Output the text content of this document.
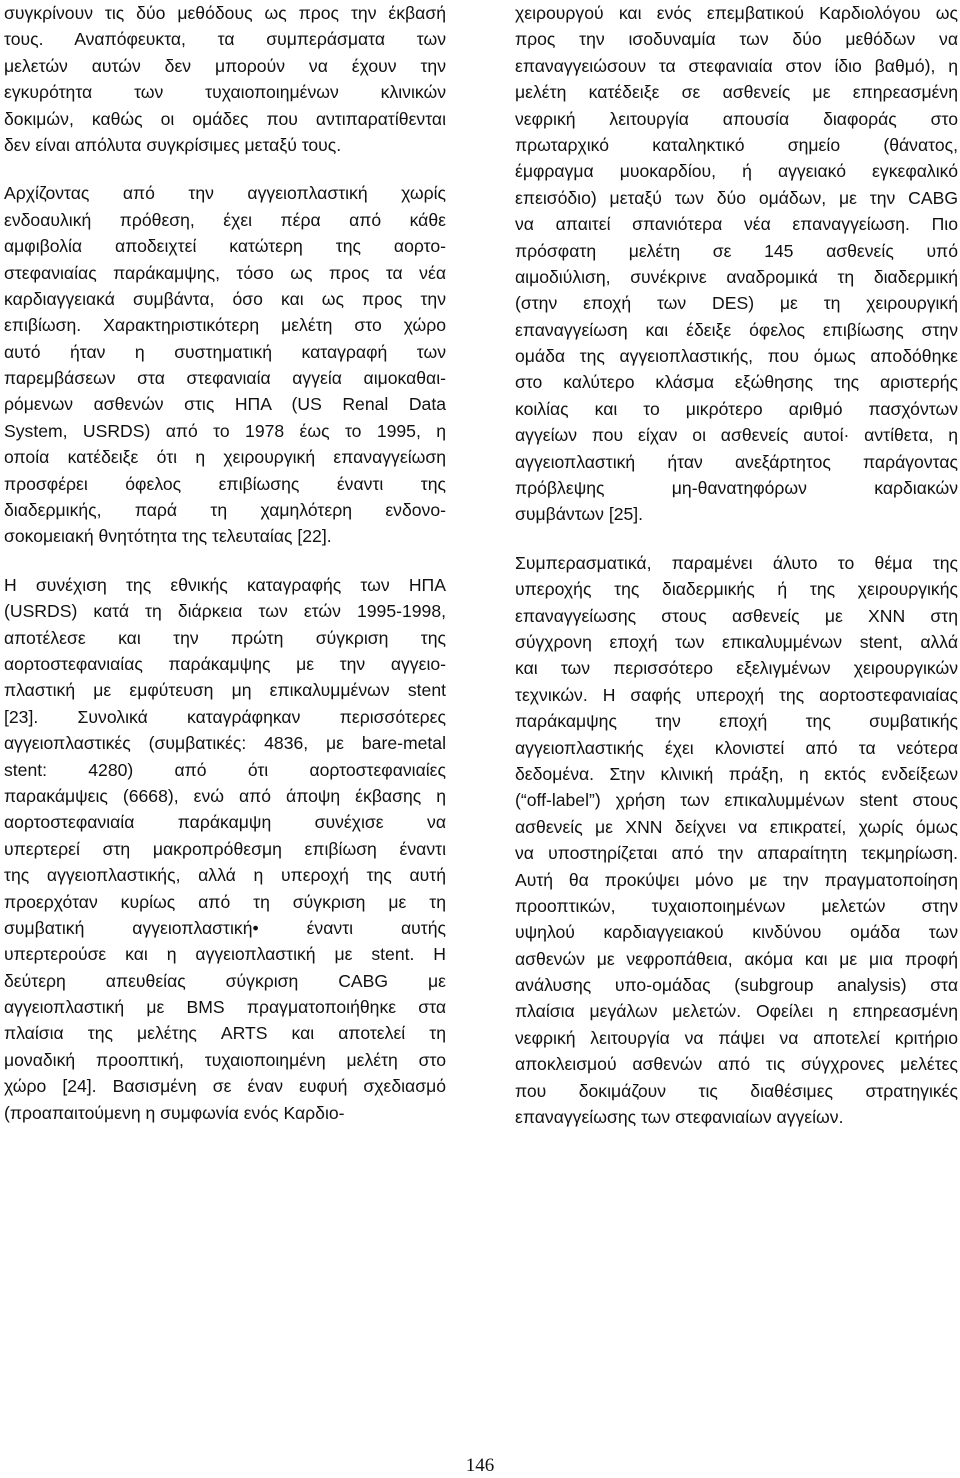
συγκρίνουν τις δύο μεθόδους ως προς την έκβασή
τους. Αναπόφευκτα, τα συμπεράσματα των
μελετών αυτών δεν μπορούν να έχουν την
εγκυρότητα των τυχαιοποιημένων κλινικών
δοκιμών, καθώς οι ομάδες που αντιπαρατίθενται
δεν είναι απόλυτα συγκρίσιμες μεταξύ τους.
Αρχίζοντας από την αγγειοπλαστική χωρίς
ενδοαυλική πρόθεση, έχει πέρα από κάθε
αμφιβολία αποδειχτεί κατώτερη της αορτο-
στεφανιαίας παράκαμψης, τόσο ως προς τα νέα
καρδιαγγειακά συμβάντα, όσο και ως προς την
επιβίωση. Χαρακτηριστικότερη μελέτη στο χώρο
αυτό ήταν η συστηματική καταγραφή των
παρεμβάσεων στα στεφανιαία αγγεία αιμοκαθαι-
ρόμενων ασθενών στις ΗΠΑ (US Renal Data
System, USRDS) από το 1978 έως το 1995, η
οποία κατέδειξε ότι η χειρουργική επαναγγείωση
προσφέρει όφελος επιβίωσης έναντι της
διαδερμικής, παρά τη χαμηλότερη ενδονο-
σοκομειακή θνητότητα της τελευταίας [22].
Η συνέχιση της εθνικής καταγραφής των ΗΠΑ
(USRDS) κατά τη διάρκεια των ετών 1995-1998,
αποτέλεσε και την πρώτη σύγκριση της
αορτοστεφανιαίας παράκαμψης με την αγγειο-
πλαστική με εμφύτευση μη επικαλυμμένων stent
[23]. Συνολικά καταγράφηκαν περισσότερες
αγγειοπλαστικές (συμβατικές: 4836, με bare-metal
stent: 4280) από ότι αορτοστεφανιαίες
παρακάμψεις (6668), ενώ από άποψη έκβασης η
αορτοστεφανιαία παράκαμψη συνέχισε να
υπερτερεί στη μακροπρόθεσμη επιβίωση έναντι
της αγγειοπλαστικής, αλλά η υπεροχή της αυτή
προερχόταν κυρίως από τη σύγκριση με τη
συμβατική αγγειοπλαστική• έναντι αυτής
υπερτερούσε και η αγγειοπλαστική με stent. Η
δεύτερη απευθείας σύγκριση CABG με
αγγειοπλαστική με BMS πραγματοποιήθηκε στα
πλαίσια της μελέτης ARTS και αποτελεί τη
μοναδική προοπτική, τυχαιοποιημένη μελέτη στο
χώρο [24]. Βασισμένη σε έναν ευφυή σχεδιασμό
(προαπαιτούμενη η συμφωνία ενός Καρδιο-
χειρουργού και ενός επεμβατικού Καρδιολόγου ως
προς την ισοδυναμία των δύο μεθόδων να
επαναγγειώσουν τα στεφανιαία στον ίδιο βαθμό), η
μελέτη κατέδειξε σε ασθενείς με επηρεασμένη
νεφρική λειτουργία απουσία διαφοράς στο
πρωταρχικό καταληκτικό σημείο (θάνατος,
έμφραγμα μυοκαρδίου, ή αγγειακό εγκεφαλικό
επεισόδιο) μεταξύ των δύο ομάδων, με την CABG
να απαιτεί σπανιότερα νέα επαναγγείωση. Πιο
πρόσφατη μελέτη σε 145 ασθενείς υπό
αιμοδιύλιση, συνέκρινε αναδρομικά τη διαδερμική
(στην εποχή των DES) με τη χειρουργική
επαναγγείωση και έδειξε όφελος επιβίωσης στην
ομάδα της αγγειοπλαστικής, που όμως αποδόθηκε
στο καλύτερο κλάσμα εξώθησης της αριστερής
κοιλίας και το μικρότερο αριθμό πασχόντων
αγγείων που είχαν οι ασθενείς αυτοί· αντίθετα, η
αγγειοπλαστική ήταν ανεξάρτητος παράγοντας
πρόβλεψης μη-θανατηφόρων καρδιακών
συμβάντων [25].
Συμπερασματικά, παραμένει άλυτο το θέμα της
υπεροχής της διαδερμικής ή της χειρουργικής
επαναγγείωσης στους ασθενείς με ΧΝΝ στη
σύγχρονη εποχή των επικαλυμμένων stent, αλλά
και των περισσότερο εξελιγμένων χειρουργικών
τεχνικών. Η σαφής υπεροχή της αορτοστεφανιαίας
παράκαμψης την εποχή της συμβατικής
αγγειοπλαστικής έχει κλονιστεί από τα νεότερα
δεδομένα. Στην κλινική πράξη, η εκτός ενδείξεων
(“off-label”) χρήση των επικαλυμμένων stent στους
ασθενείς με ΧΝΝ δείχνει να επικρατεί, χωρίς όμως
να υποστηρίζεται από την απαραίτητη τεκμηρίωση.
Αυτή θα προκύψει μόνο με την πραγματοποίηση
προοπτικών, τυχαιοποιημένων μελετών στην
υψηλού καρδιαγγειακού κινδύνου ομάδα των
ασθενών με νεφροπάθεια, ακόμα και με μια προφή
ανάλυσης υπο-ομάδας (subgroup analysis) στα
πλαίσια μεγάλων μελετών. Οφείλει η επηρεασμένη
νεφρική λειτουργία να πάψει να αποτελεί κριτήριο
αποκλεισμού ασθενών από τις σύγχρονες μελέτες
που δοκιμάζουν τις διαθέσιμες στρατηγικές
επαναγγείωσης των στεφανιαίων αγγείων.
146
